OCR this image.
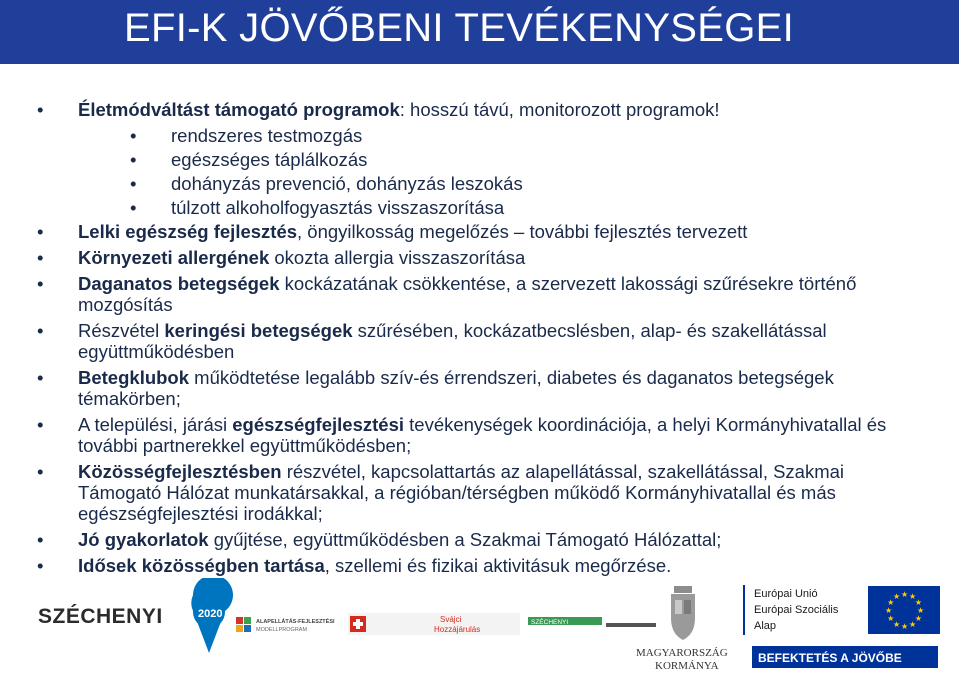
EFI-K JÖVŐBENI TEVÉKENYSÉGEI
• Életmódváltást támogató programok: hosszú távú, monitorozott programok!
• rendszeres testmozgás
• egészséges táplálkozás
• dohányzás prevenció, dohányzás leszokás
• túlzott alkoholfogyasztás visszaszorítása
• Lelki egészség fejlesztés, öngyilkosság megelőzés – további fejlesztés tervezett
• Környezeti allergének okozta allergia visszaszorítása
• Daganatos betegségek kockázatának csökkentése, a szervezett lakossági szűrésekre történő mozgósítás
• Részvétel keringési betegségek szűrésében, kockázatbecslésben, alap- és szakellátással együttműködésben
• Betegklubok működtetése legalább szív-és érrendszeri, diabetes és daganatos betegségek témakörben;
• A települési, járási egészségfejlesztési tevékenységek koordinációja, a helyi Kormányhivatallal és további partnerekkel együttműködésben;
• Közösségfejlesztésben részvétel, kapcsolattartás az alapellátással, szakellátással, Szakmai Támogató Hálózat munkatársakkal, a régióban/térségben működő Kormányhivatallal és más egészségfejlesztési irodákkal;
• Jó gyakorlatok gyűjtése, együttműködésben a Szakmai Támogató Hálózattal;
• Idősek közösségben tartása, szellemi és fizikai aktivitásuk megőrzése.
SZÉCHENYI	2020
ALAPELLÁTÁS-FEJLESZTÉSI
MODELLPROGRAM
Svájci
Hozzájárulás
SZÉCHENYI
MAGYARORSZÁG
KORMÁNYA
Európai Unió
Európai Szociális
Alap
★ ★
★
★
★
★
★
★
★
★
★
★
BEFEKTETÉS A JÖVŐBE
